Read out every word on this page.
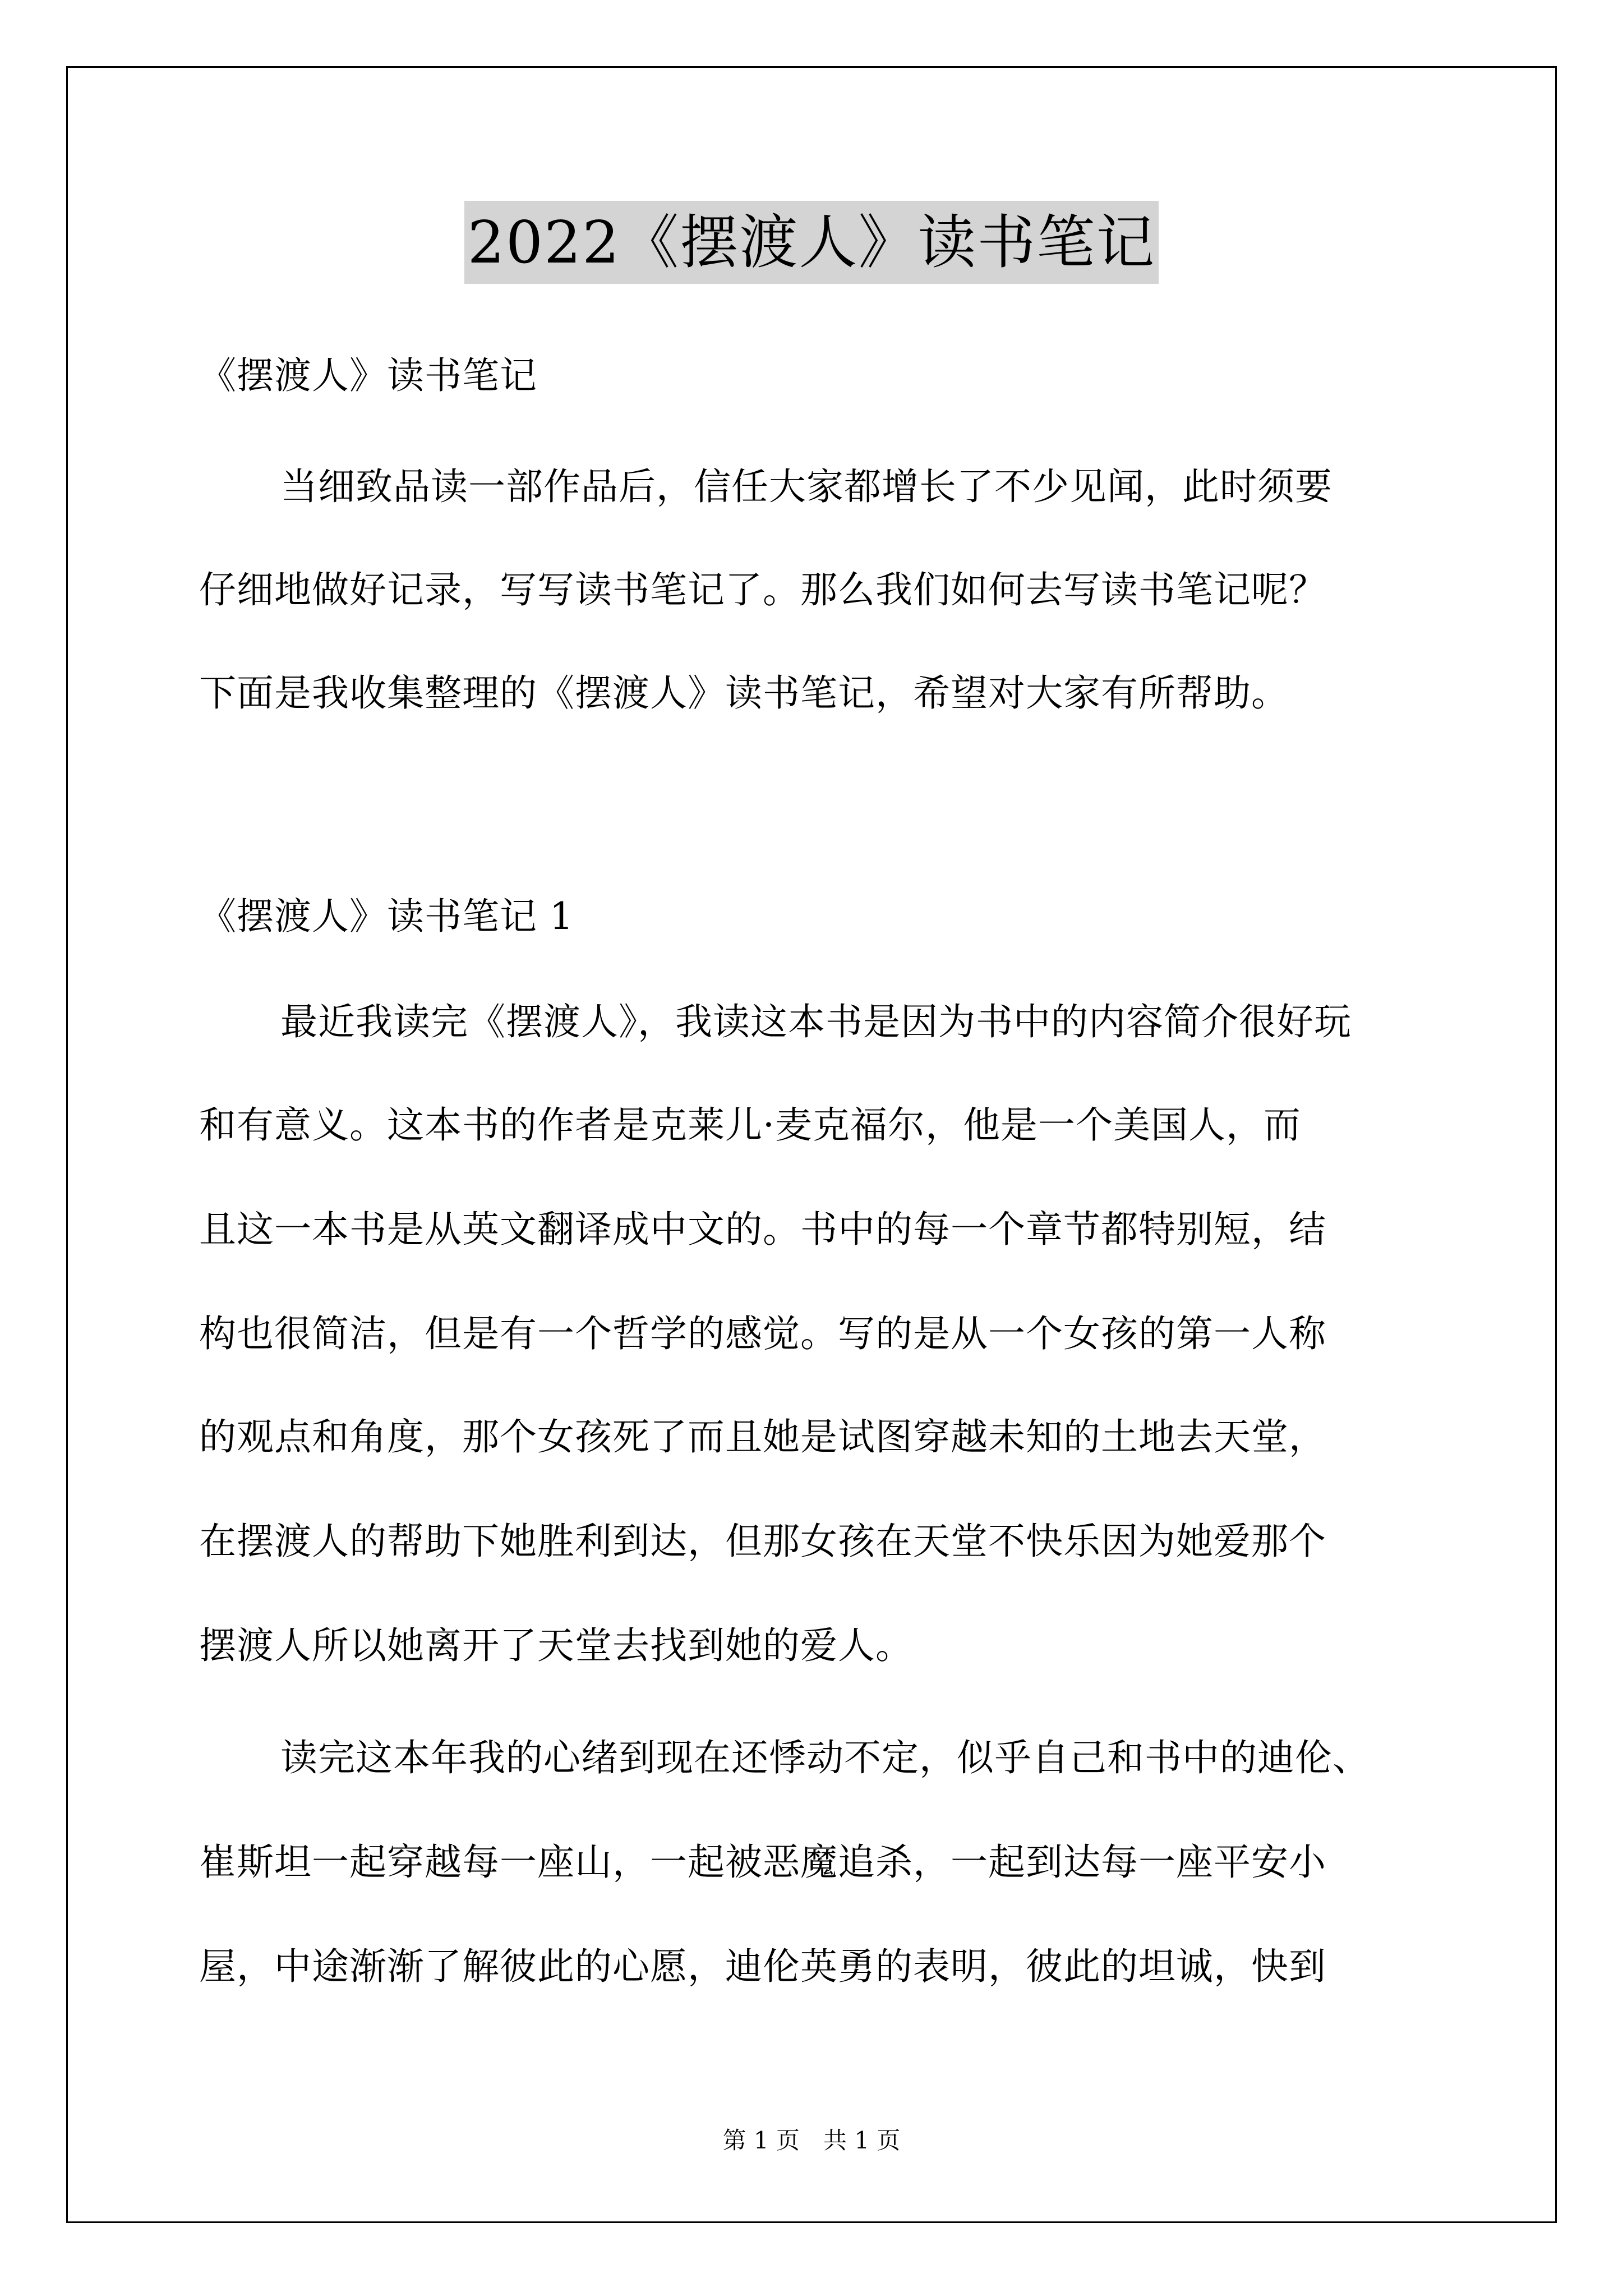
2022《摆渡人》读书笔记
《摆渡人》读书笔记
当细致品读一部作品后，信任大家都增长了不少见闻，此时须要
仔细地做好记录，写写读书笔记了。那么我们如何去写读书笔记呢？
下面是我收集整理的《摆渡人》读书笔记，希望对大家有所帮助。
《摆渡人》读书笔记 1
最近我读完《摆渡人》，我读这本书是因为书中的内容简介很好玩
和有意义。这本书的作者是克莱儿·麦克福尔，他是一个美国人，而
且这一本书是从英文翻译成中文的。书中的每一个章节都特别短，结
构也很简洁，但是有一个哲学的感觉。写的是从一个女孩的第一人称
的观点和角度，那个女孩死了而且她是试图穿越未知的土地去天堂，
在摆渡人的帮助下她胜利到达，但那女孩在天堂不快乐因为她爱那个
摆渡人所以她离开了天堂去找到她的爱人。
读完这本年我的心绪到现在还悸动不定，似乎自己和书中的迪伦、
崔斯坦一起穿越每一座山，一起被恶魔追杀，一起到达每一座平安小
屋，中途渐渐了解彼此的心愿，迪伦英勇的表明，彼此的坦诚，快到
第 1 页　共 1 页
